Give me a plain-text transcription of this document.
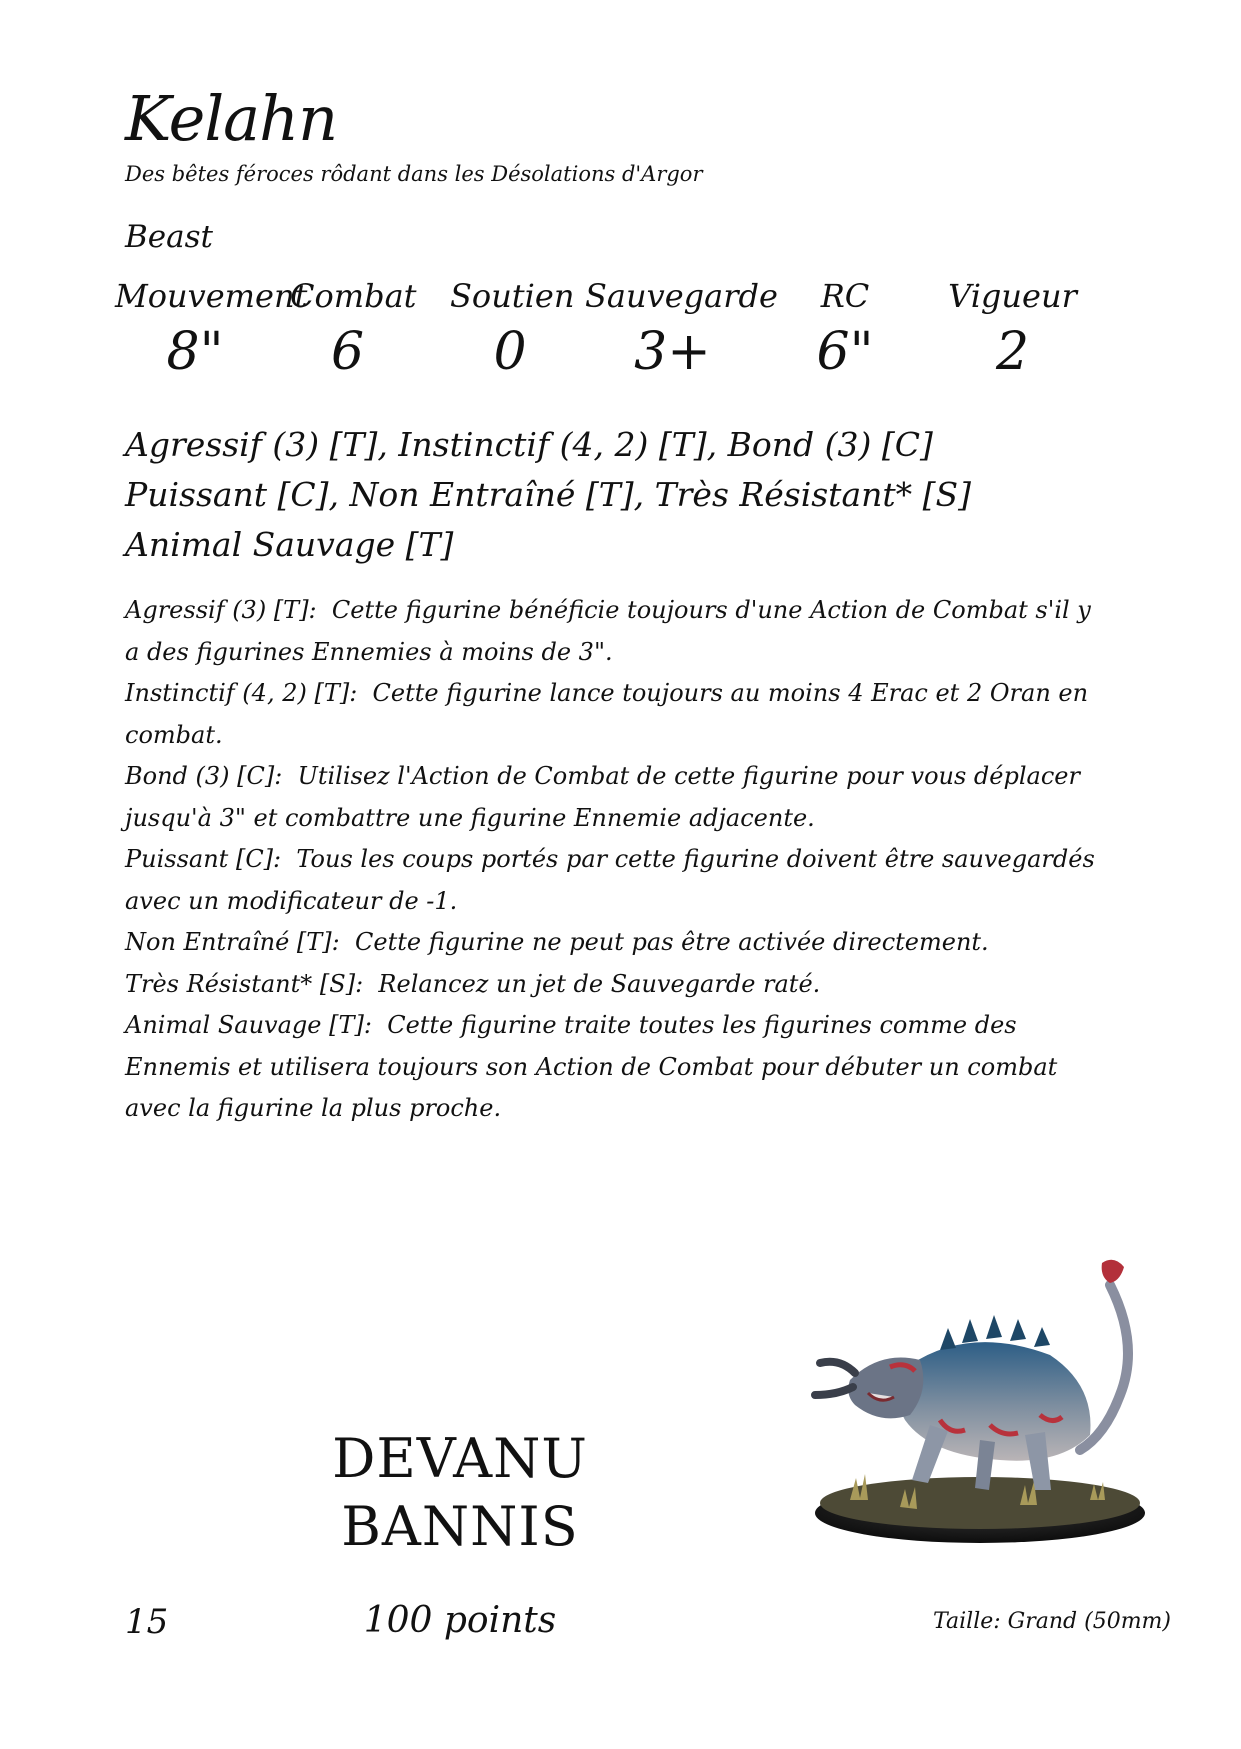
Kelahn
Des bêtes féroces rôdant dans les Désolations d'Argor
Beast
Mouvement
8"
Combat
6
Soutien
0
Sauvegarde
3+
RC
6"
Vigueur
2
Agressif (3) [T], Instinctif (4, 2) [T], Bond (3) [C]
Puissant [C], Non Entraîné [T], Très Résistant* [S]
Animal Sauvage [T]
Agressif (3) [T]: Cette figurine bénéficie toujours d'une Action de Combat s'il y a des figurines Ennemies à moins de 3".
Instinctif (4, 2) [T]: Cette figurine lance toujours au moins 4 Erac et 2 Oran en combat.
Bond (3) [C]: Utilisez l'Action de Combat de cette figurine pour vous déplacer jusqu'à 3" et combattre une figurine Ennemie adjacente.
Puissant [C]: Tous les coups portés par cette figurine doivent être sauvegardés avec un modificateur de -1.
Non Entraîné [T]: Cette figurine ne peut pas être activée directement.
Très Résistant* [S]: Relancez un jet de Sauvegarde raté.
Animal Sauvage [T]: Cette figurine traite toutes les figurines comme des Ennemis et utilisera toujours son Action de Combat pour débuter un combat avec la figurine la plus proche.
DEVANU
BANNIS
15	100 points	Taille: Grand (50mm)
